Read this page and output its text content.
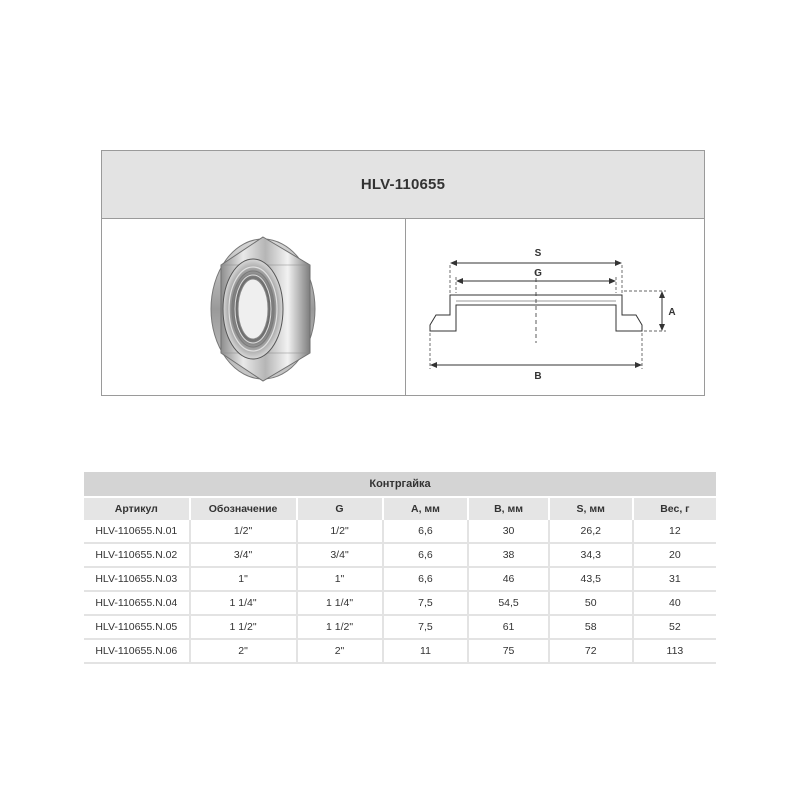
HLV-110655
S
G
B
A
Контргайка						
Артикул	Обозначение	G	A, мм	B, мм	S, мм	Вес, г
HLV-110655.N.01	1/2"	1/2"	6,6	30	26,2	12
HLV-110655.N.02	3/4"	3/4"	6,6	38	34,3	20
HLV-110655.N.03	1"	1"	6,6	46	43,5	31
HLV-110655.N.04	1 1/4"	1 1/4"	7,5	54,5	50	40
HLV-110655.N.05	1 1/2"	1 1/2"	7,5	61	58	52
HLV-110655.N.06	2"	2"	11	75	72	113
